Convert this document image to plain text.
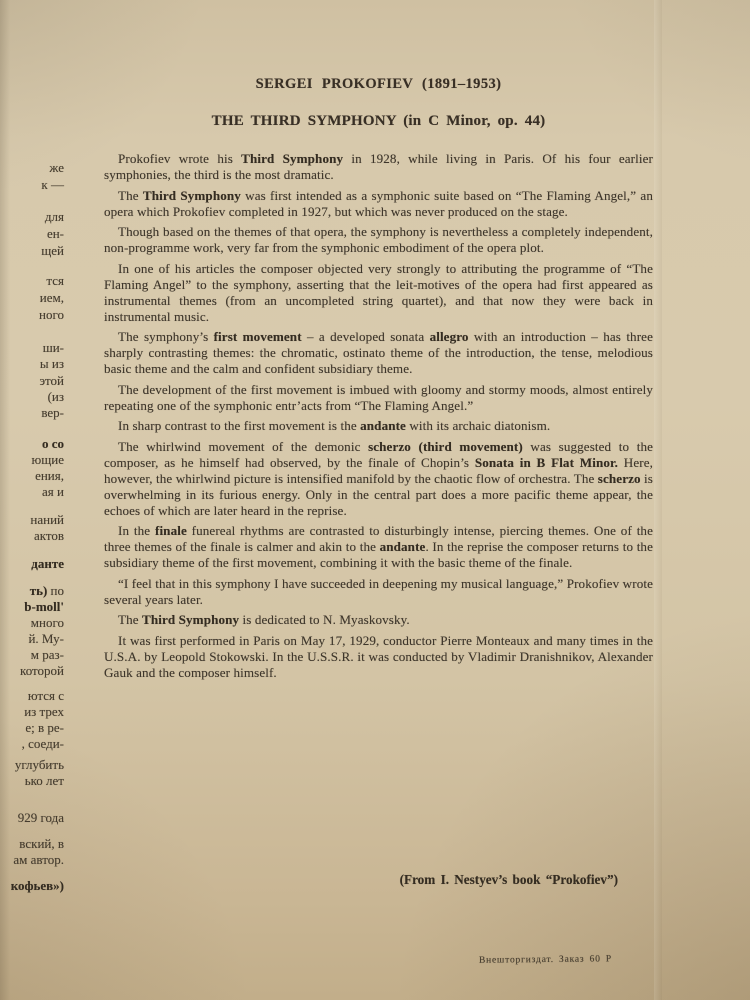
же
к —
для
ен-
щей
тся
ием,
ного
ши-
ы из
этой
(из
вер-
о со
ющие
ения,
ая и
наний
актов
данте
ть) по
b-moll'
много
й. Му-
м раз-
которой
ются с
из трех
е; в ре-
, соеди-
углубить
ько лет
929 года
вский, в
ам автор.
кофьев»)
SERGEI PROKOFIEV (1891–1953)
THE THIRD SYMPHONY (in C Minor, op. 44)

Prokofiev wrote his Third Symphony in 1928, while living in Paris. Of his four earlier symphonies, the third is the most dramatic.

The Third Symphony was first intended as a symphonic suite based on “The Flaming Angel,” an opera which Prokofiev completed in 1927, but which was never produced on the stage.

Though based on the themes of that opera, the symphony is nevertheless a completely independent, non-programme work, very far from the symphonic embodiment of the opera plot.

In one of his articles the composer objected very strongly to attributing the programme of “The Flaming Angel” to the symphony, asserting that the leit-motives of the opera had first appeared as instrumental themes (from an uncompleted string quartet), and that now they were back in instrumental music.

The symphony’s first movement – a developed sonata allegro with an introduction – has three sharply contrasting themes: the chromatic, ostinato theme of the introduction, the tense, melodious basic theme and the calm and confident subsidiary theme.

The development of the first movement is imbued with gloomy and stormy moods, almost entirely repeating one of the symphonic entr’acts from “The Flaming Angel.”

In sharp contrast to the first movement is the andante with its archaic diatonism.

The whirlwind movement of the demonic scherzo (third movement) was suggested to the composer, as he himself had observed, by the finale of Chopin’s Sonata in B Flat Minor. Here, however, the whirlwind picture is intensified manifold by the chaotic flow of orchestra. The scherzo is overwhelming in its furious energy. Only in the central part does a more pacific theme appear, the echoes of which are later heard in the reprise.

In the finale funereal rhythms are contrasted to disturbingly intense, piercing themes. One of the three themes of the finale is calmer and akin to the andante. In the reprise the composer returns to the subsidiary theme of the first movement, combining it with the basic theme of the finale.

“I feel that in this symphony I have succeeded in deepening my musical language,” Prokofiev wrote several years later.

The Third Symphony is dedicated to N. Myaskovsky.

It was first performed in Paris on May 17, 1929, conductor Pierre Monteaux and many times in the U.S.A. by Leopold Stokowski. In the U.S.S.R. it was conducted by Vladimir Dranishnikov, Alexander Gauk and the composer himself.

(From I. Nestyev’s book “Prokofiev”)
Внешторгиздат. Заказ 60 Р
